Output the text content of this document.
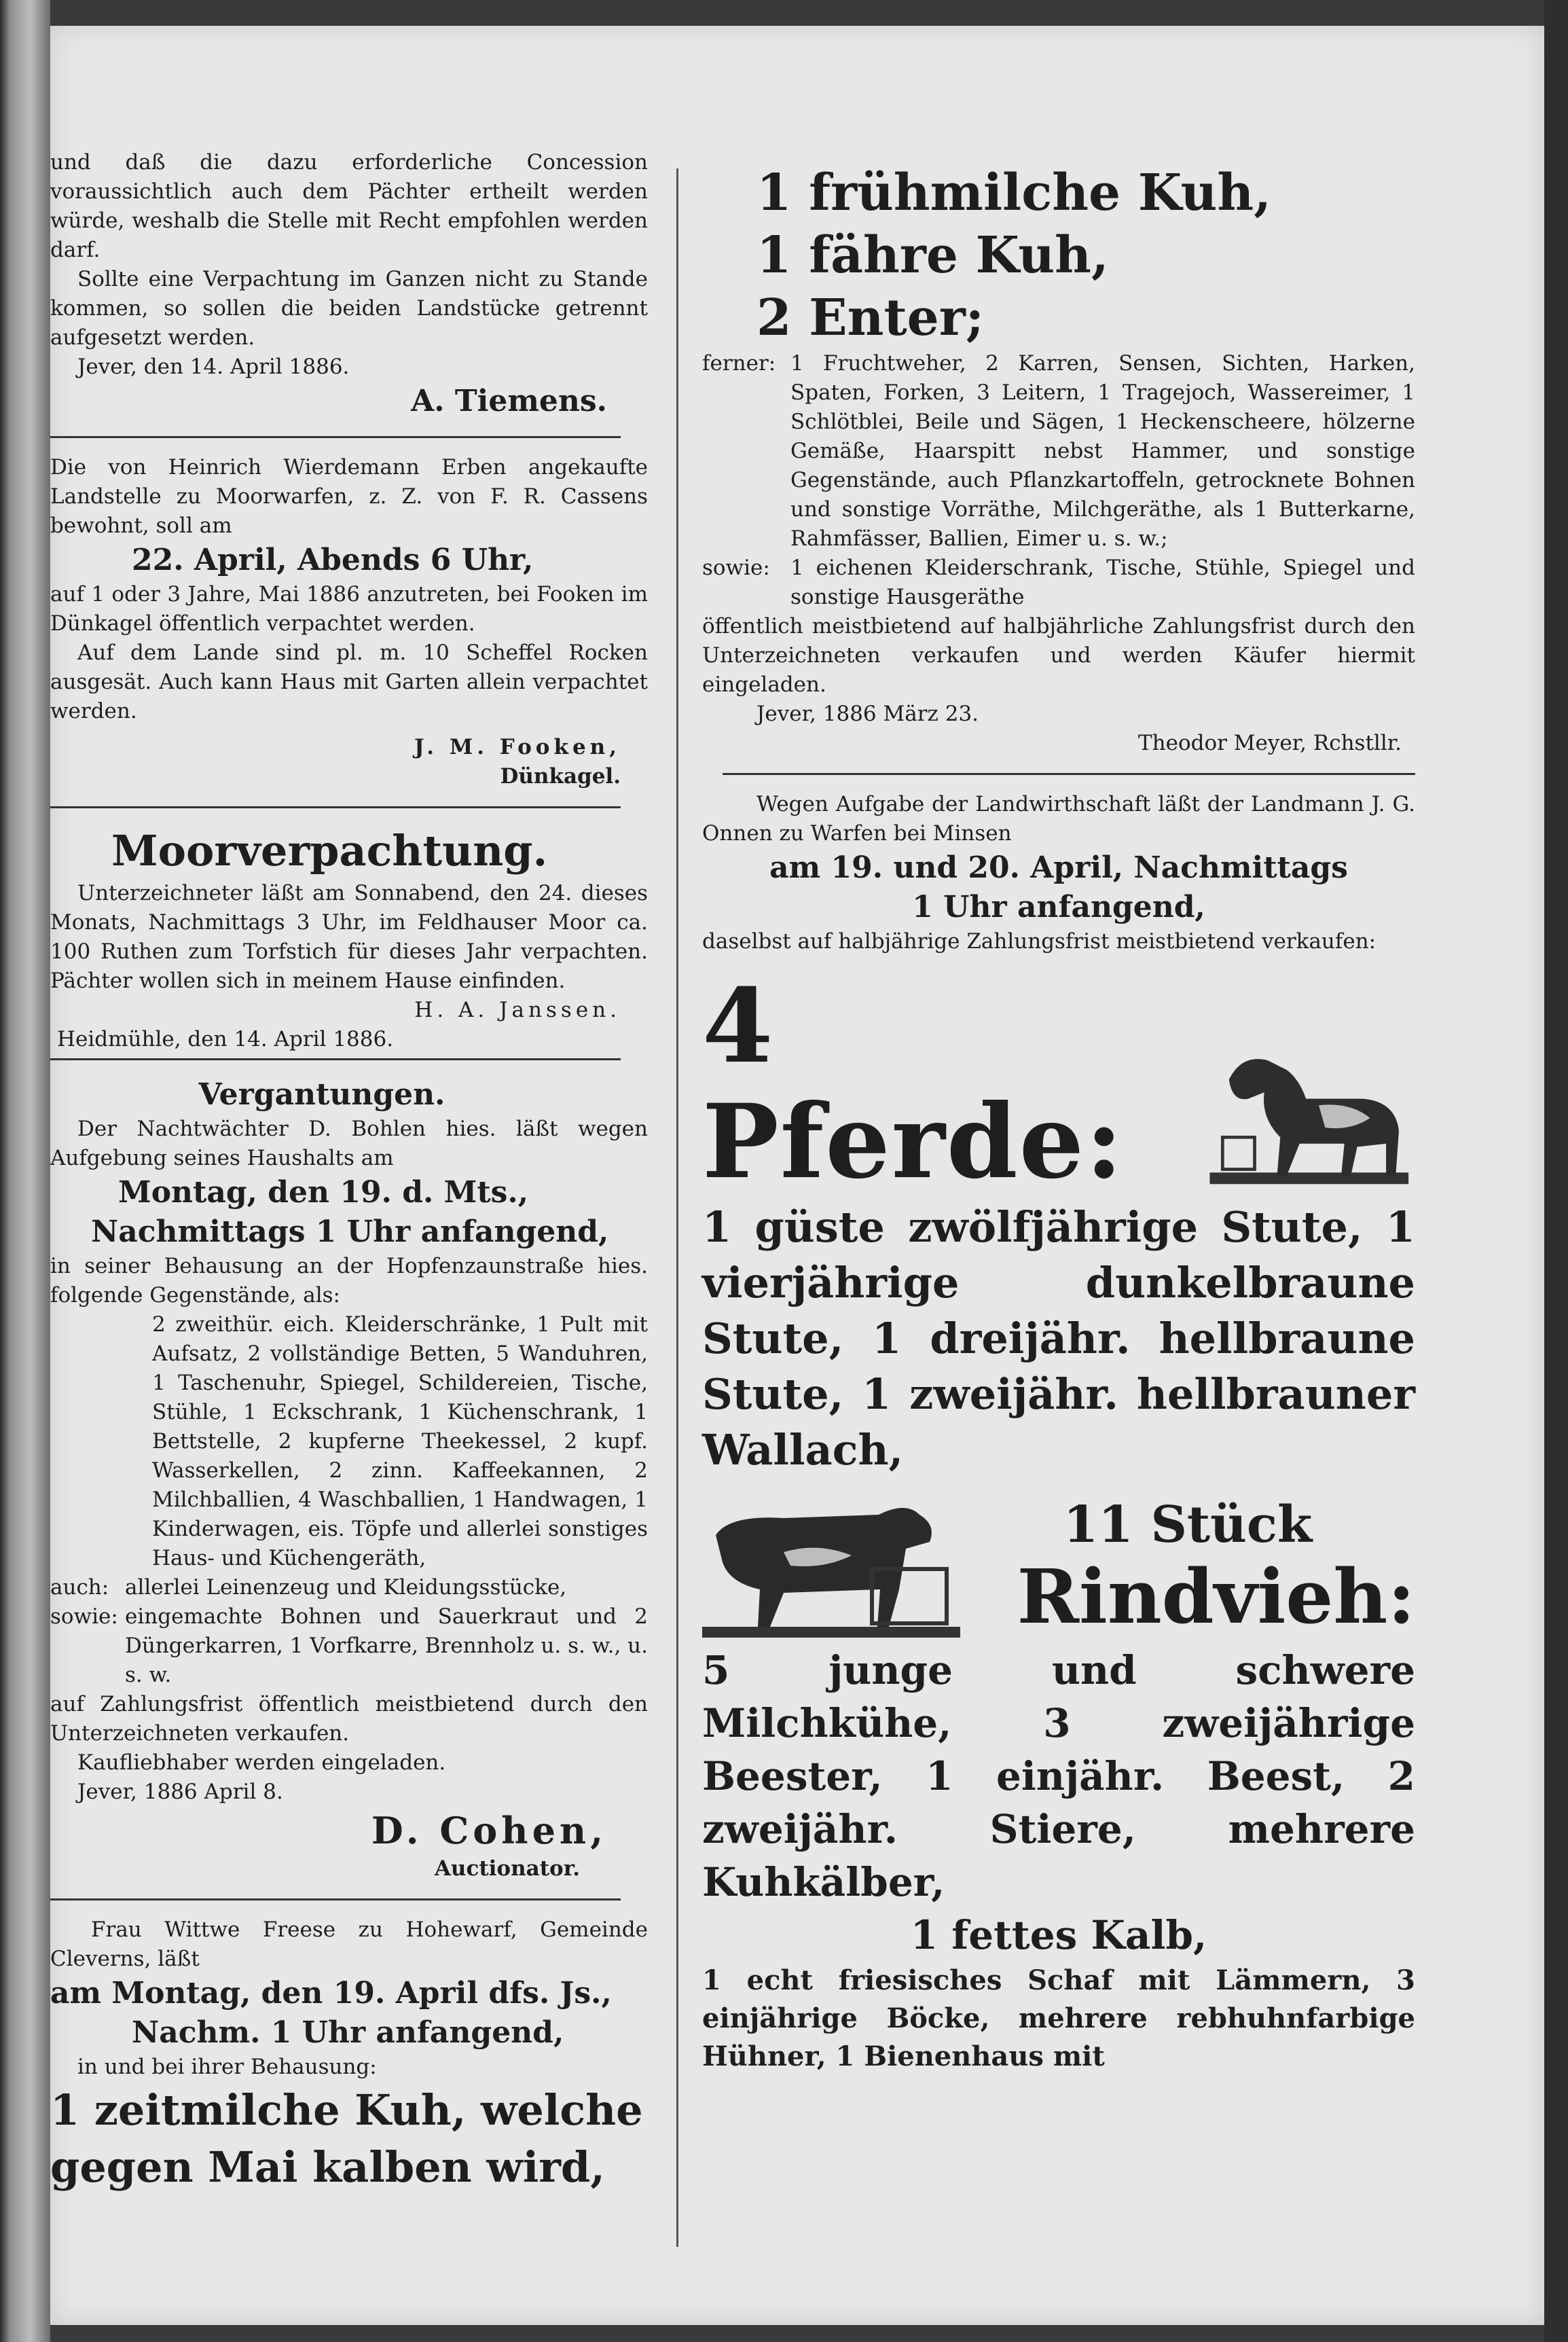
und daß die dazu erforderliche Concession voraussichtlich auch dem Pächter ertheilt werden würde, weshalb die Stelle mit Recht empfohlen werden darf.

Sollte eine Verpachtung im Ganzen nicht zu Stande kommen, so sollen die beiden Landstücke getrennt aufgesetzt werden.

Jever, den 14. April 1886.

A. Tiemens.

Die von Heinrich Wierdemann Erben angekaufte Landstelle zu Moorwarfen, z. Z. von F. R. Cassens bewohnt, soll am

22. April, Abends 6 Uhr,

auf 1 oder 3 Jahre, Mai 1886 anzutreten, bei Fooken im Dünkagel öffentlich verpachtet werden.

Auf dem Lande sind pl. m. 10 Scheffel Rocken ausgesät. Auch kann Haus mit Garten allein verpachtet werden.

J. M. Fooken,

Dünkagel.

Moorverpachtung.

Unterzeichneter läßt am Sonnabend, den 24. dieses Monats, Nachmittags 3 Uhr, im Feldhauser Moor ca. 100 Ruthen zum Torfstich für dieses Jahr verpachten. Pächter wollen sich in meinem Hause einfinden.

H. A. Janssen.

Heidmühle, den 14. April 1886.

Vergantungen.

Der Nachtwächter D. Bohlen hies. läßt wegen Aufgebung seines Haushalts am

Montag, den 19. d. Mts.,

Nachmittags 1 Uhr anfangend,

in seiner Behausung an der Hopfenzaunstraße hies. folgende Gegenstände, als:

2 zweithür. eich. Kleiderschränke, 1 Pult mit Aufsatz, 2 vollständige Betten, 5 Wanduhren, 1 Taschenuhr, Spiegel, Schildereien, Tische, Stühle, 1 Eckschrank, 1 Küchenschrank, 1 Bettstelle, 2 kupferne Theekessel, 2 kupf. Wasserkellen, 2 zinn. Kaffeekannen, 2 Milchballien, 4 Waschballien, 1 Handwagen, 1 Kinderwagen, eis. Töpfe und allerlei sonstiges Haus- und Küchengeräth,

auch: allerlei Leinenzeug und Kleidungsstücke,
sowie: eingemachte Bohnen und Sauerkraut und 2 Düngerkarren, 1 Vorfkarre, Brennholz u. s. w., u. s. w.

auf Zahlungsfrist öffentlich meistbietend durch den Unterzeichneten verkaufen.

Kaufliebhaber werden eingeladen.

Jever, 1886 April 8.

D. Cohen,

Auctionator.

Frau Wittwe Freese zu Hohewarf, Gemeinde Cleverns, läßt

am Montag, den 19. April dfs. Js.,

Nachm. 1 Uhr anfangend,

in und bei ihrer Behausung:

1 zeitmilche Kuh, welche gegen Mai kalben wird,

1 frühmilche Kuh,

1 fähre Kuh,

2 Enter;

ferner: 1 Fruchtweher, 2 Karren, Sensen, Sichten, Harken, Spaten, Forken, 3 Leitern, 1 Tragejoch, Wassereimer, 1 Schlötblei, Beile und Sägen, 1 Heckenscheere, hölzerne Gemäße, Haarspitt nebst Hammer, und sonstige Gegenstände, auch Pflanzkartoffeln, getrocknete Bohnen und sonstige Vorräthe, Milchgeräthe, als 1 Butterkarne, Rahmfässer, Ballien, Eimer u. s. w.;
sowie: 1 eichenen Kleiderschrank, Tische, Stühle, Spiegel und sonstige Hausgeräthe

öffentlich meistbietend auf halbjährliche Zahlungsfrist durch den Unterzeichneten verkaufen und werden Käufer hiermit eingeladen.

Jever, 1886 März 23.

Theodor Meyer, Rchstllr.

Wegen Aufgabe der Landwirthschaft läßt der Landmann J. G. Onnen zu Warfen bei Minsen

am 19. und 20. April, Nachmittags

1 Uhr anfangend,

daselbst auf halbjährige Zahlungsfrist meistbietend verkaufen:

4 Pferde:

1 güste zwölfjährige Stute, 1 vierjährige dunkelbraune Stute, 1 dreijähr. hellbraune Stute, 1 zweijähr. hellbrauner Wallach,

11 Stück

Rindvieh:

5 junge und schwere Milchkühe, 3 zweijährige Beester, 1 einjähr. Beest, 2 zweijähr. Stiere, mehrere Kuhkälber,

1 fettes Kalb,

1 echt friesisches Schaf mit Lämmern, 3 einjährige Böcke, mehrere rebhuhnfarbige Hühner, 1 Bienenhaus mit
